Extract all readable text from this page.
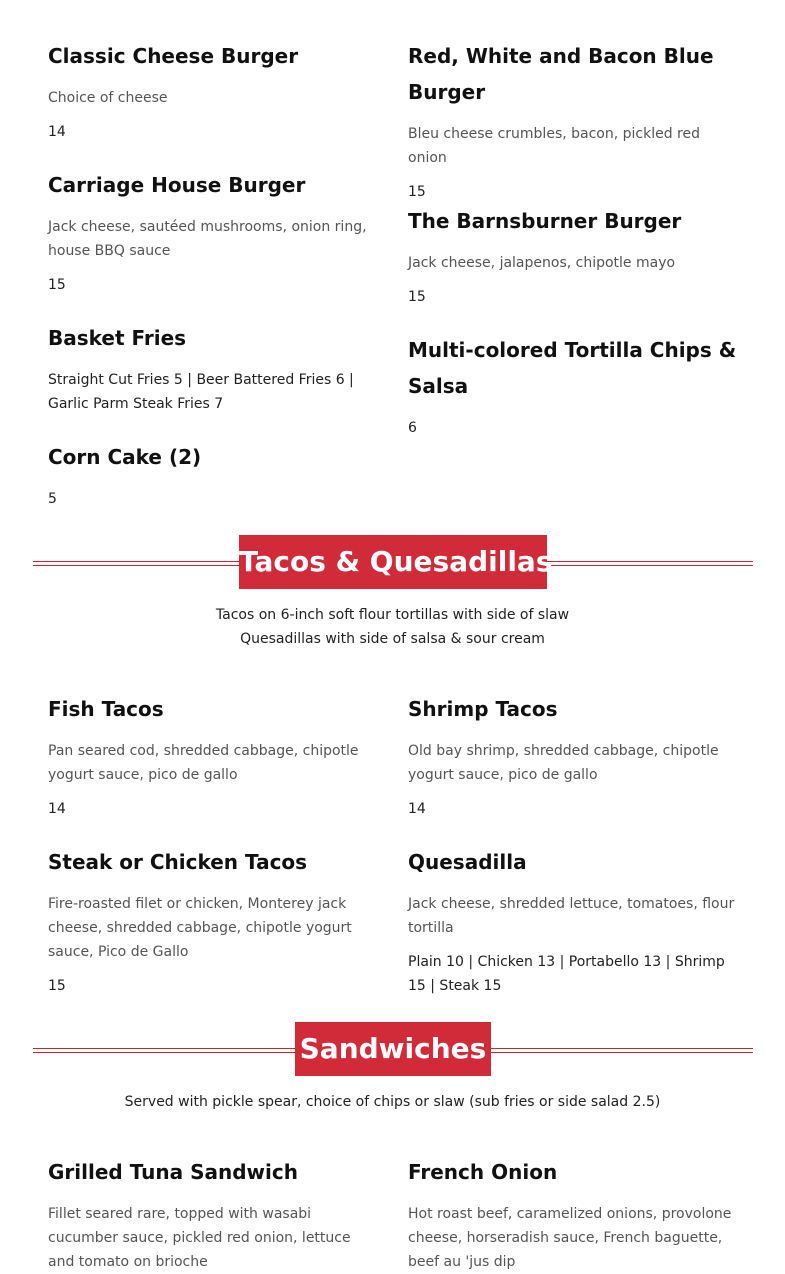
Classic Cheese Burger
Choice of cheese
14
Red, White and Bacon Blue Burger
Bleu cheese crumbles, bacon, pickled red onion
15
Carriage House Burger
Jack cheese, sautéed mushrooms, onion ring, house BBQ sauce
15
The Barnsburner Burger
Jack cheese, jalapenos, chipotle mayo
15
Basket Fries
Straight Cut Fries 5 | Beer Battered Fries 6 | Garlic Parm Steak Fries 7
Multi-colored Tortilla Chips & Salsa
6
Corn Cake (2)
5
Tacos & Quesadillas
Tacos on 6-inch soft flour tortillas with side of slaw
Quesadillas with side of salsa & sour cream
Fish Tacos
Pan seared cod, shredded cabbage, chipotle yogurt sauce, pico de gallo
14
Shrimp Tacos
Old bay shrimp, shredded cabbage, chipotle yogurt sauce, pico de gallo
14
Steak or Chicken Tacos
Fire-roasted filet or chicken, Monterey jack cheese, shredded cabbage, chipotle yogurt sauce, Pico de Gallo
15
Quesadilla
Jack cheese, shredded lettuce, tomatoes, flour tortilla
Plain 10 | Chicken 13 | Portabello 13 | Shrimp 15 | Steak 15
Sandwiches
Served with pickle spear, choice of chips or slaw (sub fries or side salad 2.5)
Grilled Tuna Sandwich
Fillet seared rare, topped with wasabi cucumber sauce, pickled red onion, lettuce and tomato on brioche
French Onion
Hot roast beef, caramelized onions, provolone cheese, horseradish sauce, French baguette, beef au 'jus dip
